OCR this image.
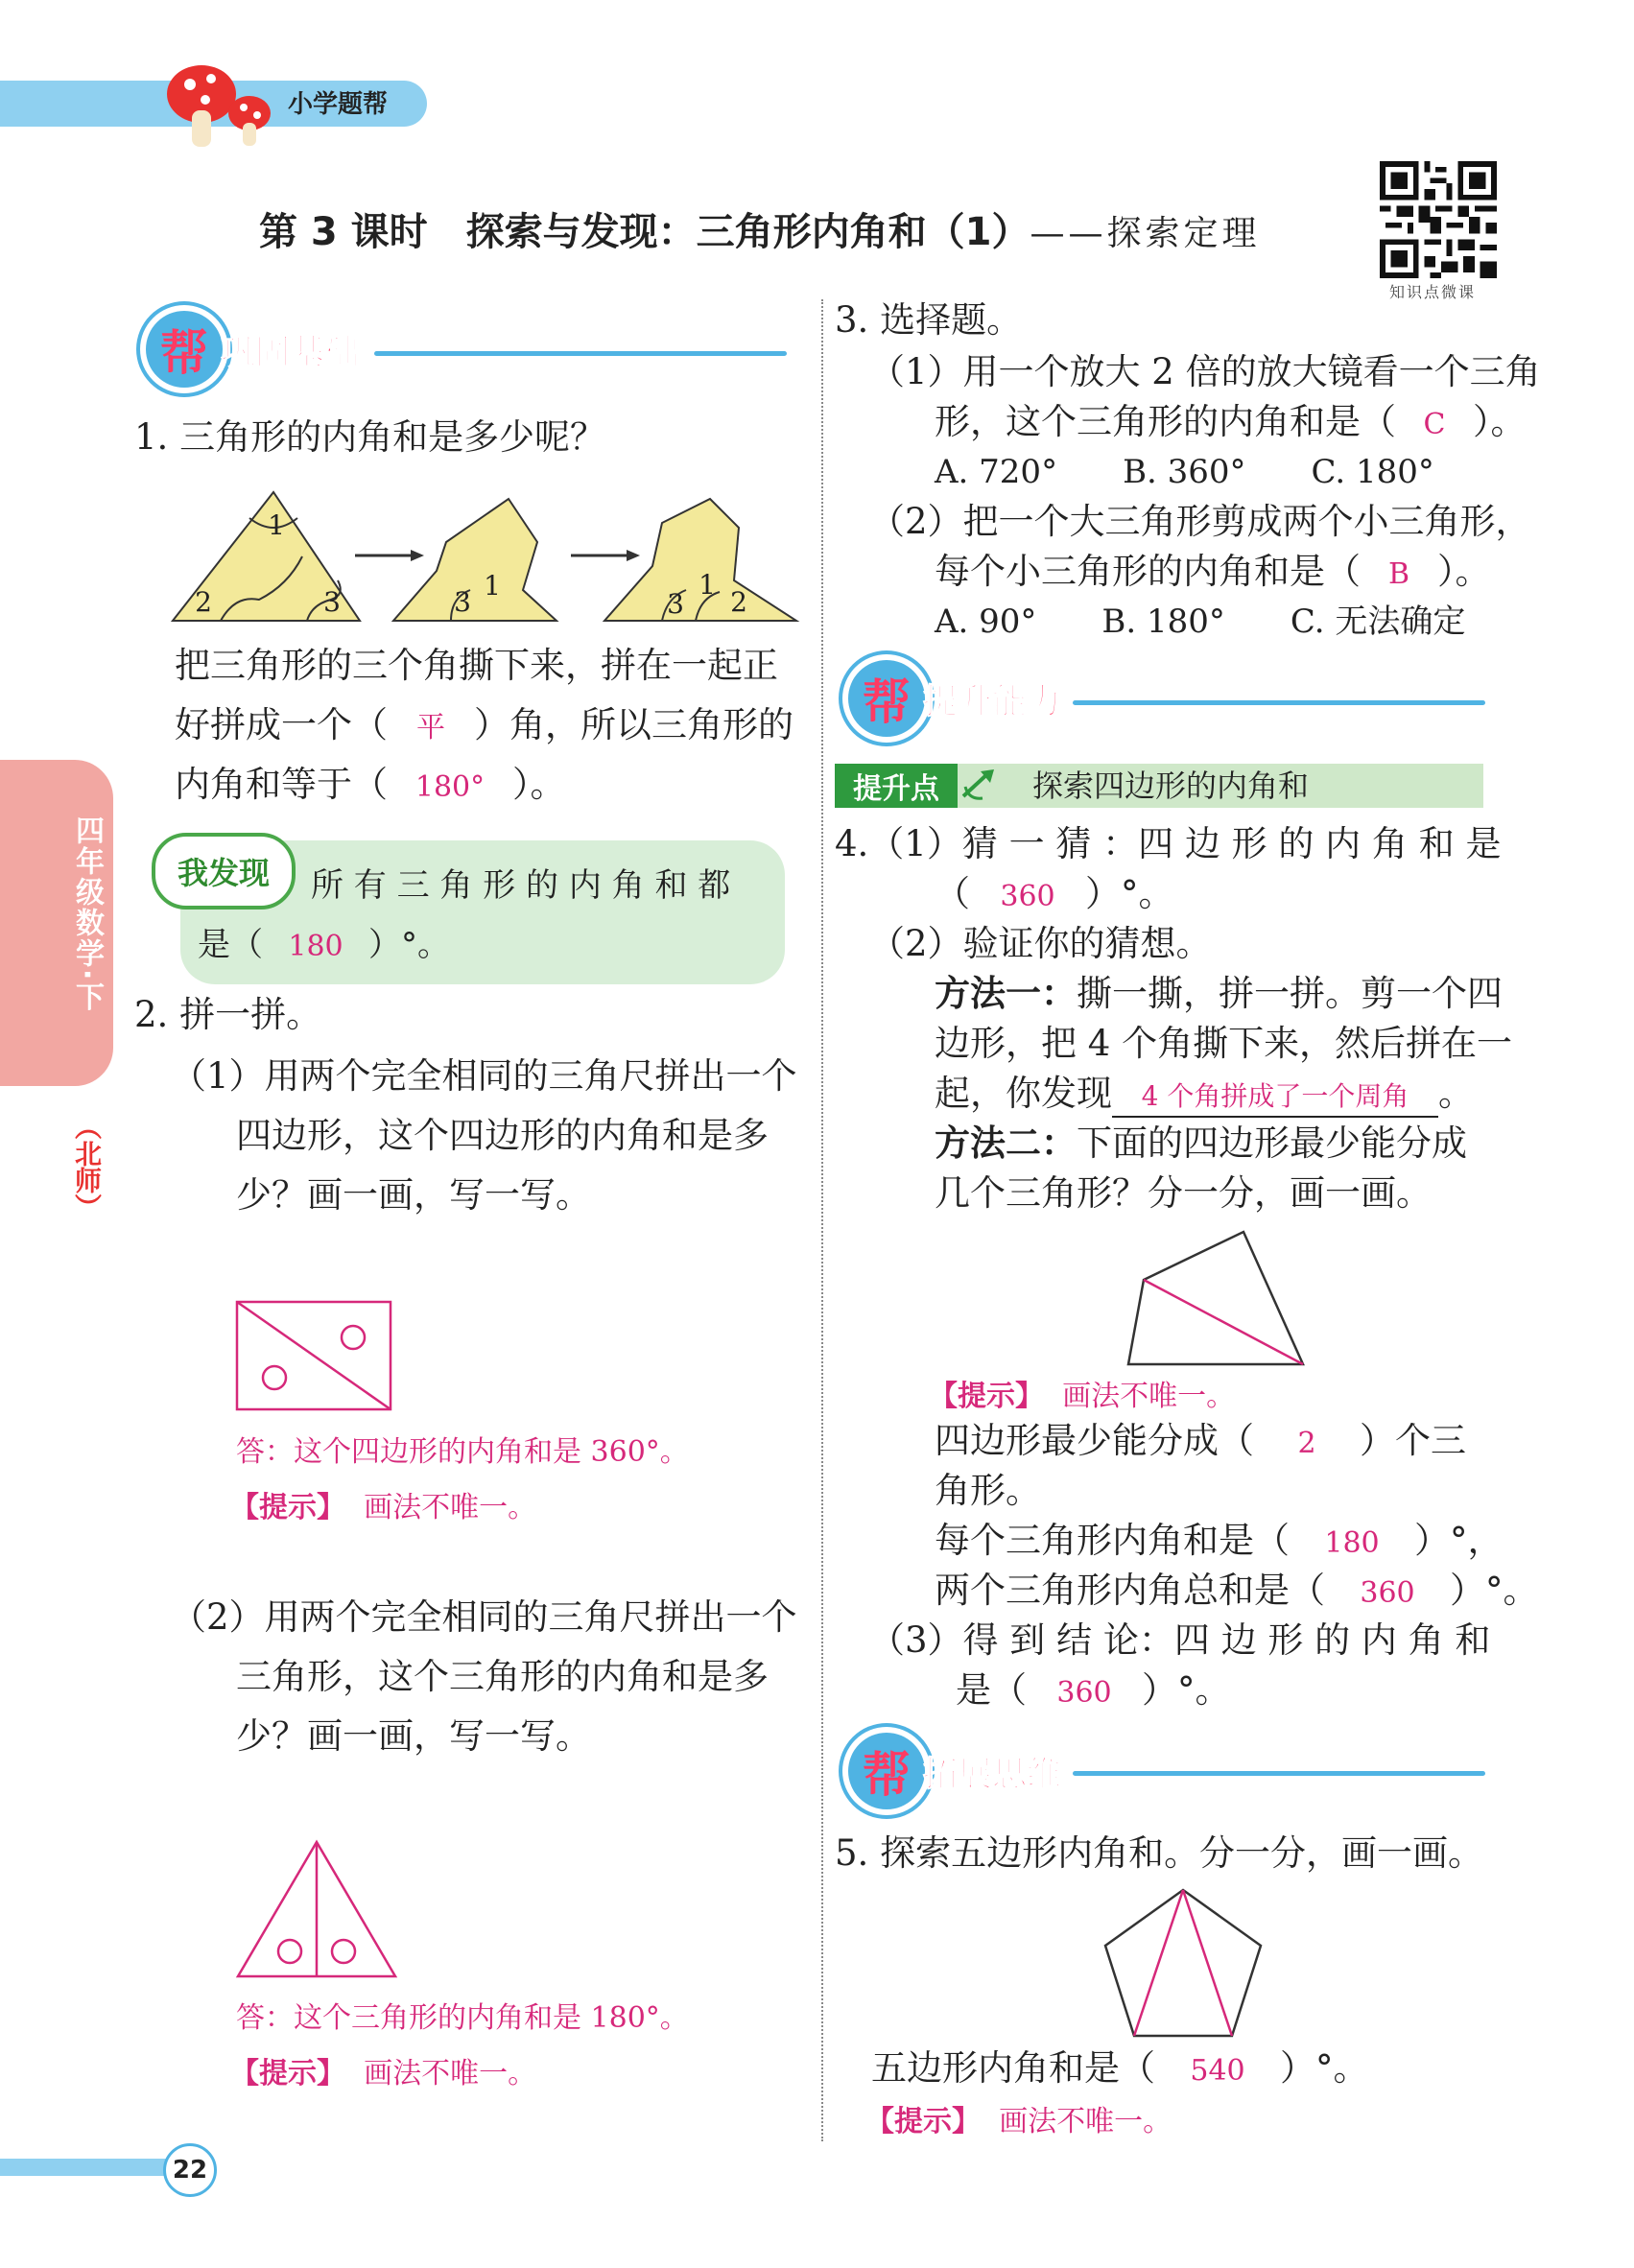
小学题帮
第 3 课时　探索与发现：三角形内角和（1）——探索定理
知识点微课
四年级数学·下
（北师）
帮 巩固基础
1. 三角形的内角和是多少呢？
1
2	3	3
1
3
1
2
把三角形的三个角撕下来，拼在一起正
好拼成一个（ 平 ）角，所以三角形的
内角和等于（ 180° ）。
我发现 所 有 三 角 形 的 内 角 和 都
是（ 180 ）°。
2. 拼一拼。
（1）用两个完全相同的三角尺拼出一个
四边形，这个四边形的内角和是多
少？画一画，写一写。
答：这个四边形的内角和是 360°。
【提示】 画法不唯一。
（2）用两个完全相同的三角尺拼出一个
三角形，这个三角形的内角和是多
少？画一画，写一写。
答：这个三角形的内角和是 180°。
【提示】 画法不唯一。
3. 选择题。
（1）用一个放大 2 倍的放大镜看一个三角
形，这个三角形的内角和是（ C ）。
A. 720°　　B. 360°　　C. 180°
（2）把一个大三角形剪成两个小三角形，
每个小三角形的内角和是（ B ）。
A. 90°　　B. 180°　　C. 无法确定
帮 提升能力
提升点	探索四边形的内角和
4.（1）猜 一 猜 ：四 边 形 的 内 角 和 是
（ 360 ）°。
（2）验证你的猜想。
方法一：撕一撕，拼一拼。剪一个四
边形，把 4 个角撕下来，然后拼在一
起，你发现 4 个角拼成了一个周角 。
方法二：下面的四边形最少能分成
几个三角形？分一分，画一画。
【提示】 画法不唯一。
四边形最少能分成（ 2 ）个三
角形。
每个三角形内角和是（ 180 ）°，
两个三角形内角总和是（ 360 ）°。
（3）得 到 结 论：四 边 形 的 内 角 和
是（ 360 ）°。
帮 拓展思维
5. 探索五边形内角和。分一分，画一画。
五边形内角和是（ 540 ）°。
【提示】 画法不唯一。
22
